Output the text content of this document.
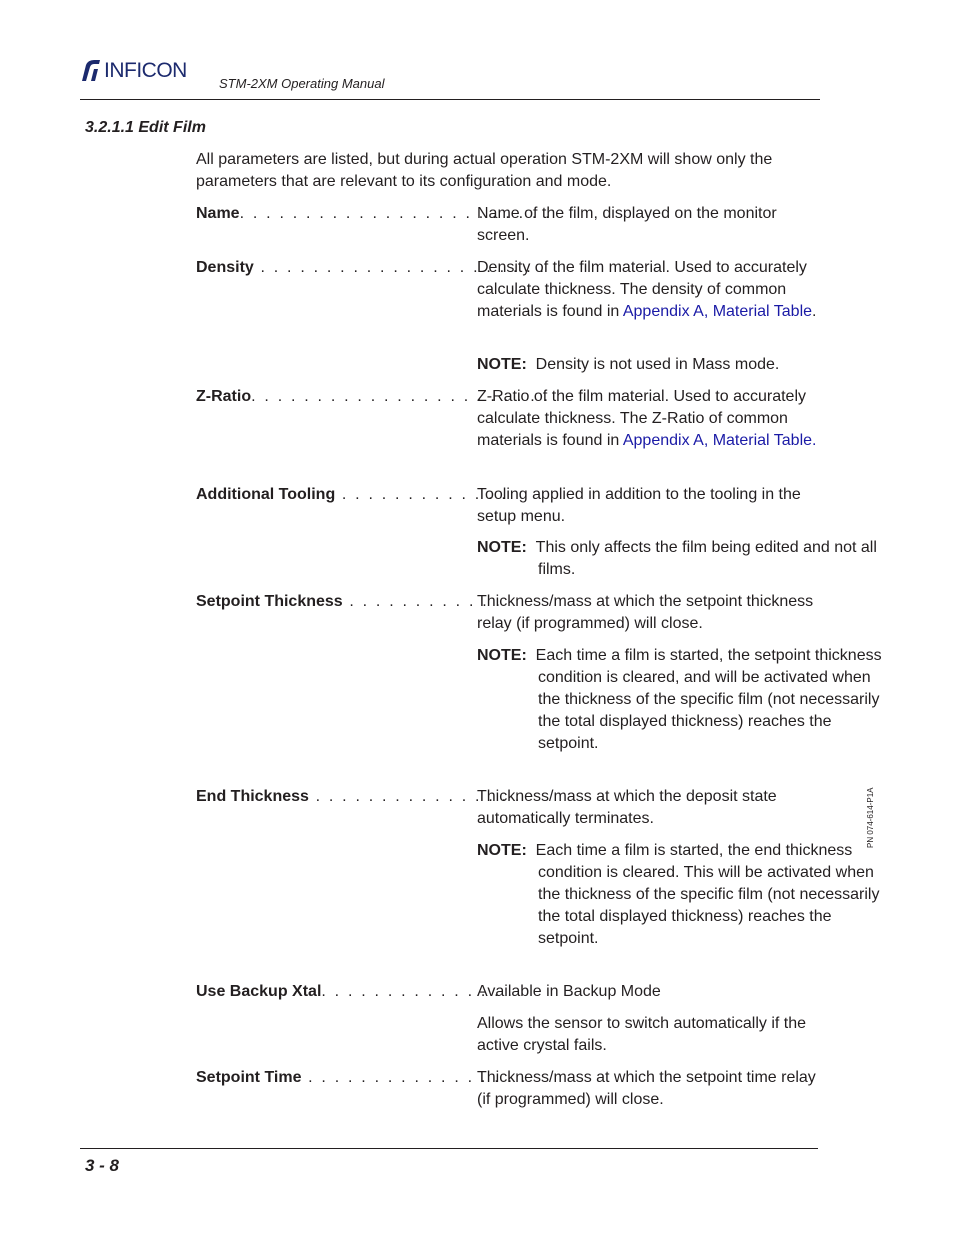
INFICON
STM-2XM Operating Manual
3.2.1.1 Edit Film
All parameters are listed, but during actual operation STM-2XM will show only the parameters that are relevant to its configuration and mode.
Name. . . . . . . . . . . . . . . . . . . . . . . .
Name of the film, displayed on the monitor screen.
Density . . . . . . . . . . . . . . . . . . . . . .
Density of the film material. Used to accurately calculate thickness. The density of common materials is found in Appendix A, Material Table.
NOTE: Density is not used in Mass mode.
Z-Ratio. . . . . . . . . . . . . . . . . . . . . . .
Z-Ratio of the film material. Used to accurately calculate thickness. The Z-Ratio of common materials is found in Appendix A, Material Table.
Additional Tooling . . . . . . . . . . . . .
Tooling applied in addition to the tooling in the setup menu.
NOTE: This only affects the film being edited and not all films.
Setpoint Thickness . . . . . . . . . . . .
Thickness/mass at which the setpoint thickness relay (if programmed) will close.
NOTE: Each time a film is started, the setpoint thickness condition is cleared, and will be activated when the thickness of the specific film (not necessarily the total displayed thickness) reaches the setpoint.
End Thickness . . . . . . . . . . . . . . . .
Thickness/mass at which the deposit state automatically terminates.
NOTE: Each time a film is started, the end thickness condition is cleared. This will be activated when the thickness of the specific film (not necessarily the total displayed thickness) reaches the setpoint.
Use Backup Xtal. . . . . . . . . . . . . . .
Available in Backup Mode
Allows the sensor to switch automatically if the active crystal fails.
Setpoint Time . . . . . . . . . . . . . . . . .
Thickness/mass at which the setpoint time relay (if programmed) will close.
3 - 8
PN 074-614-P1A
